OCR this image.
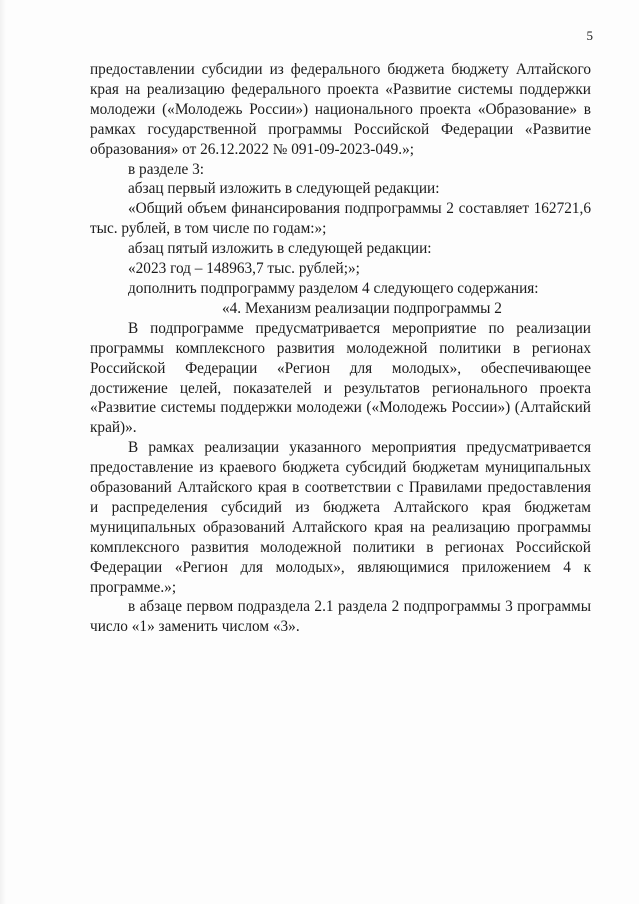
5

предоставлении субсидии из федерального бюджета бюджету Алтайского края на реализацию федерального проекта «Развитие системы поддержки молодежи («Молодежь России») национального проекта «Образование» в рамках государственной программы Российской Федерации «Развитие образования» от 26.12.2022 № 091-09-2023-049.»;

в разделе 3:

абзац первый изложить в следующей редакции:

«Общий объем финансирования подпрограммы 2 составляет 162721,6 тыс. рублей, в том числе по годам:»;

абзац пятый изложить в следующей редакции:

«2023 год – 148963,7 тыс. рублей;»;

дополнить подпрограмму разделом 4 следующего содержания:

«4. Механизм реализации подпрограммы 2

В подпрограмме предусматривается мероприятие по реализации программы комплексного развития молодежной политики в регионах Российской Федерации «Регион для молодых», обеспечивающее достижение целей, показателей и результатов регионального проекта «Развитие системы поддержки молодежи («Молодежь России») (Алтайский край)».

В рамках реализации указанного мероприятия предусматривается предоставление из краевого бюджета субсидий бюджетам муниципальных образований Алтайского края в соответствии с Правилами предоставления и распределения субсидий из бюджета Алтайского края бюджетам муниципальных образований Алтайского края на реализацию программы комплексного развития молодежной политики в регионах Российской Федерации «Регион для молодых», являющимися приложением 4 к программе.»;

в абзаце первом подраздела 2.1 раздела 2 подпрограммы 3 программы число «1» заменить числом «3».
